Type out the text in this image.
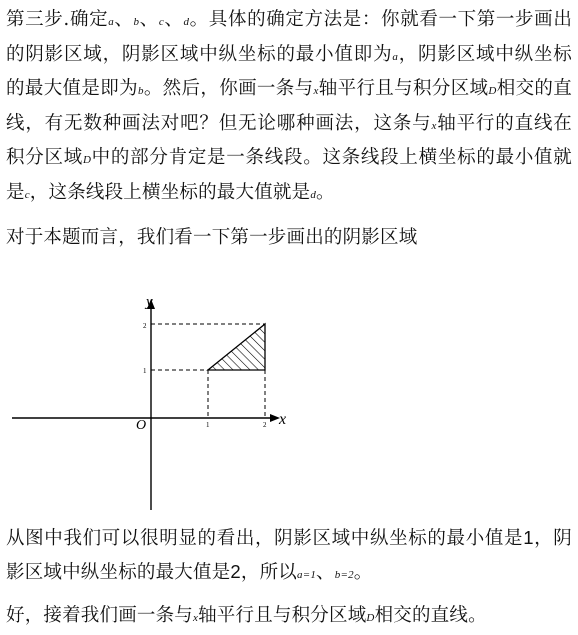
第三步.确定a、b、c、d。具体的确定方法是：你就看一下第一步画出的阴影区域，阴影区域中纵坐标的最小值即为a，阴影区域中纵坐标的最大值是即为b。然后，你画一条与x轴平行且与积分区域D相交的直线，有无数种画法对吧？但无论哪种画法，这条与x轴平行的直线在积分区域D中的部分肯定是一条线段。这条线段上横坐标的最小值就是c，这条线段上横坐标的最大值就是d。
对于本题而言，我们看一下第一步画出的阴影区域
y
x
O
2
1
1	2
从图中我们可以很明显的看出，阴影区域中纵坐标的最小值是1，阴影区域中纵坐标的最大值是2，所以a=1、b=2。
好，接着我们画一条与x轴平行且与积分区域D相交的直线。
